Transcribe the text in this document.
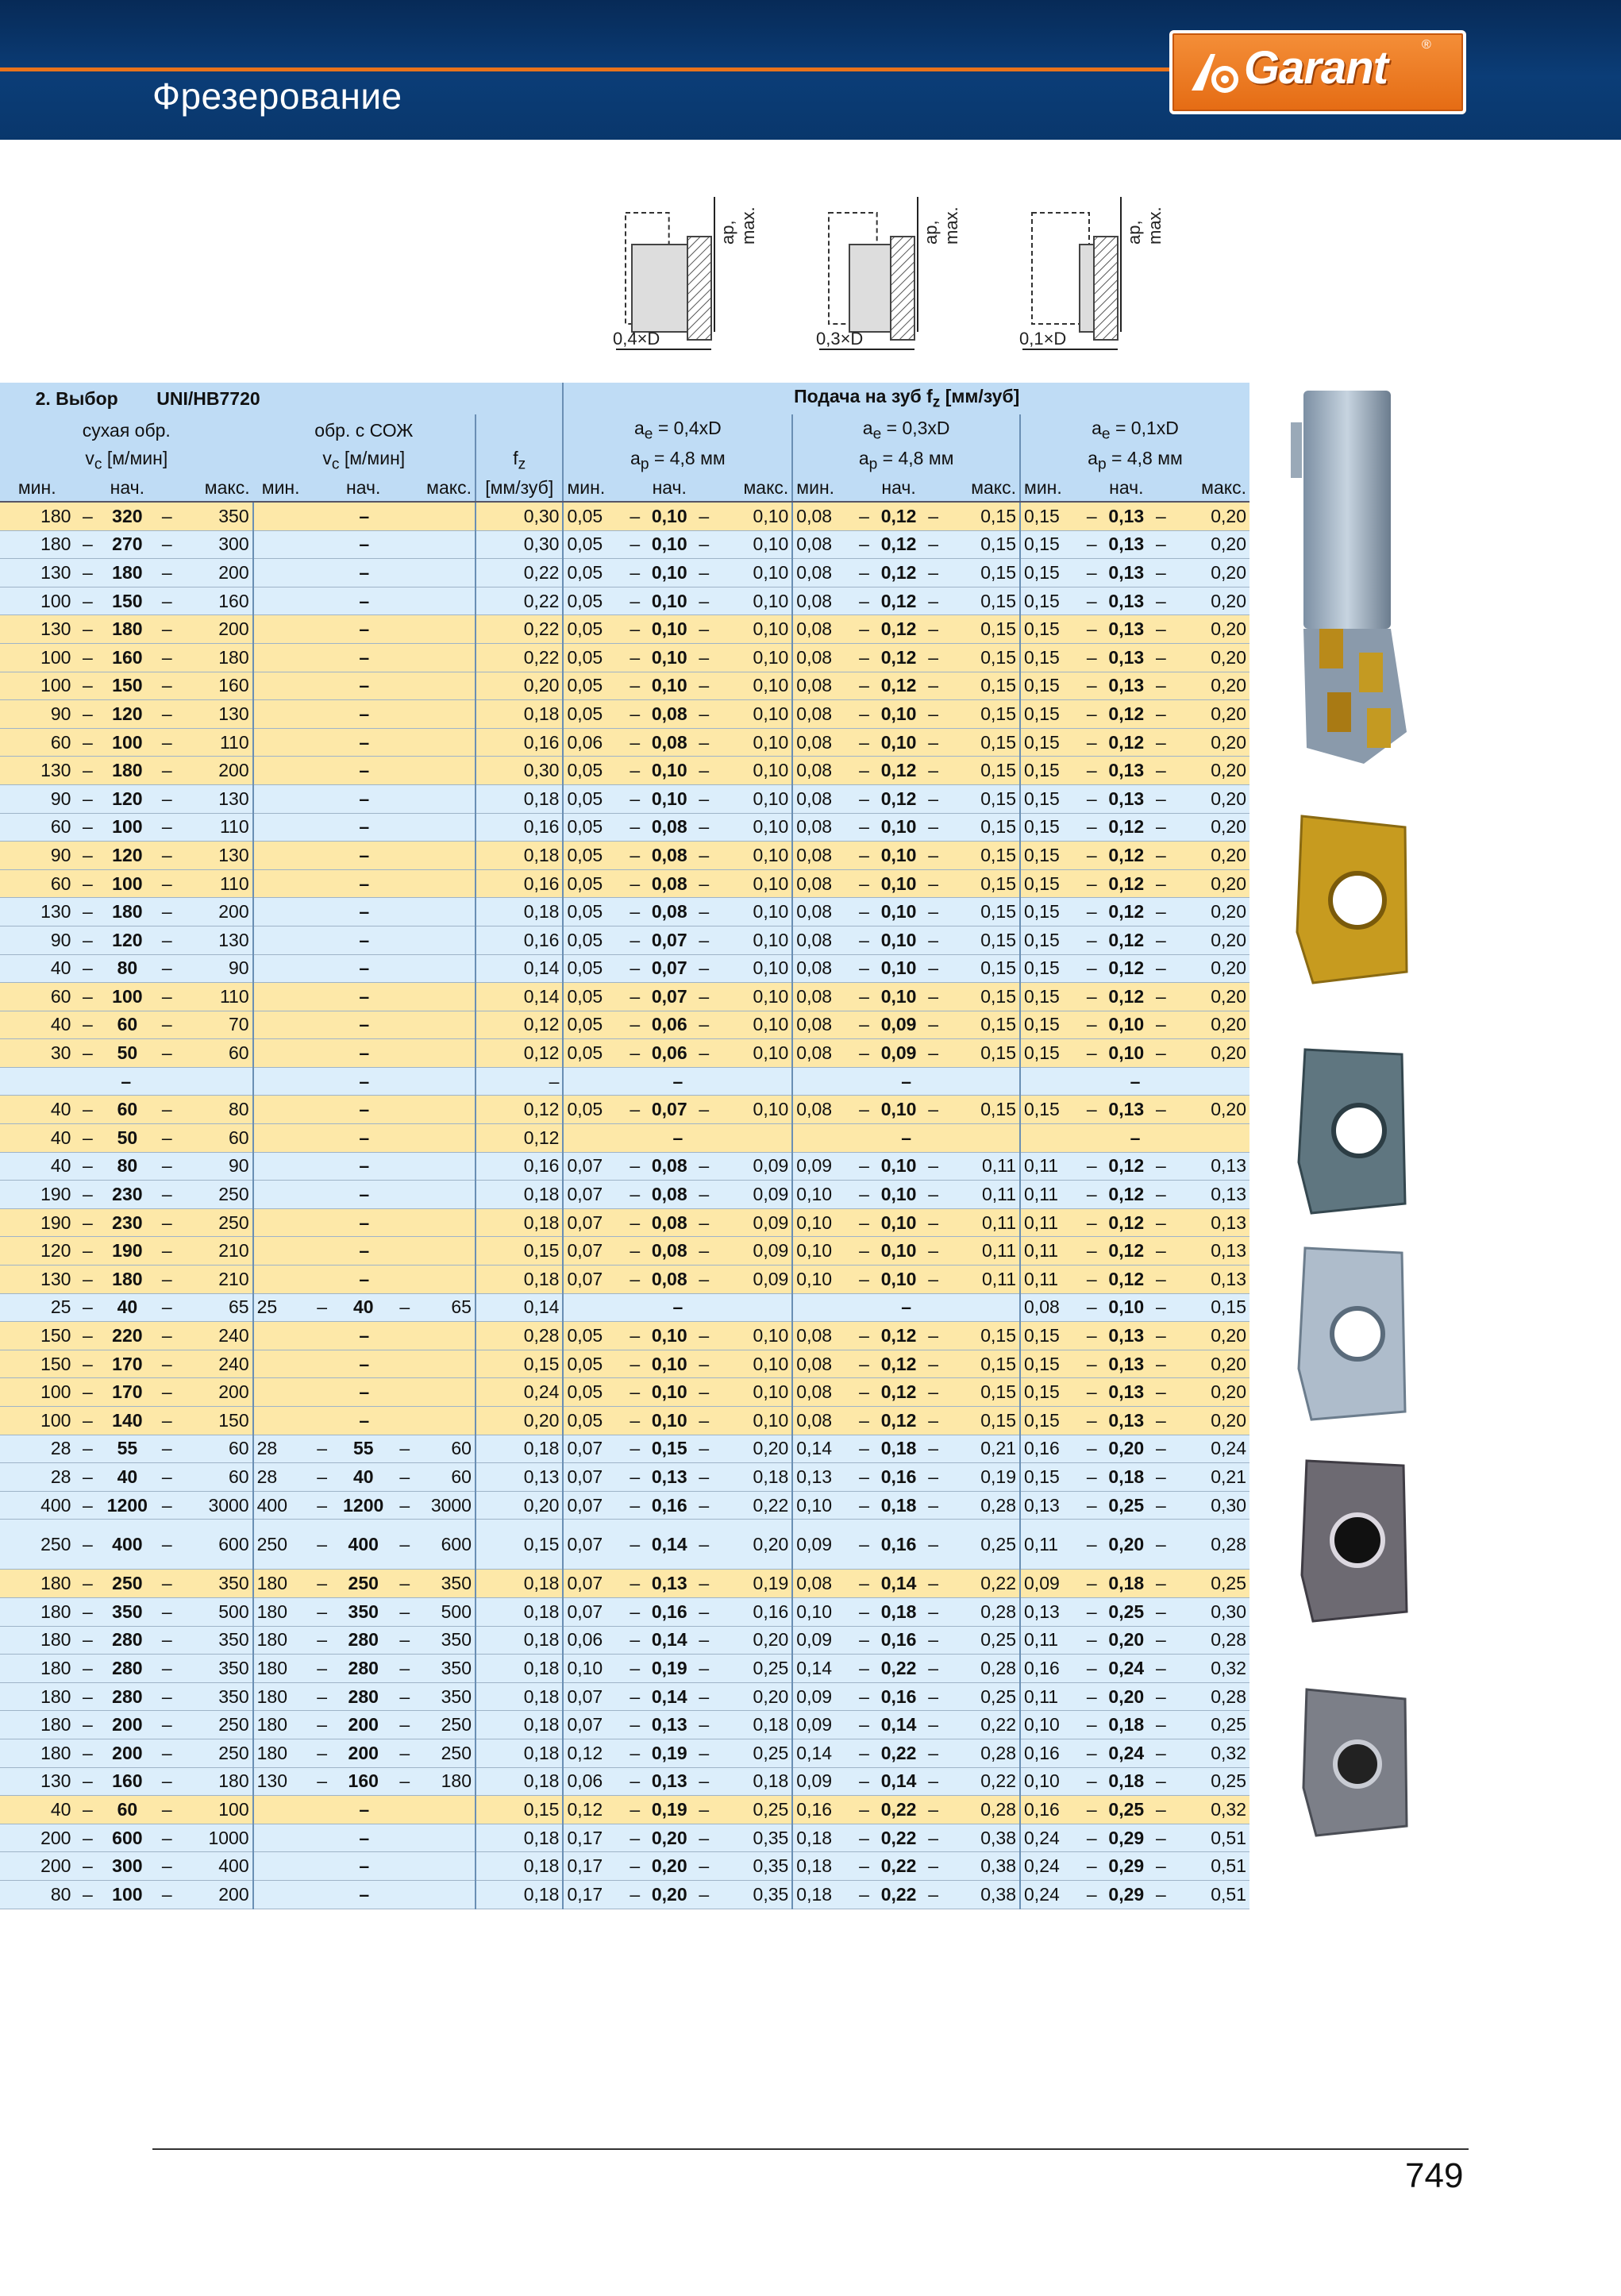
Фрезерование
Garant	®
ap, max.
0,4×D
ap, max.
0,3×D
ap, max.
0,1×D
2. Выбор			UNI/HB7720								Подача на зуб $f_z$ [мм/зуб]														
сухая обр.					обр. с СОЖ						$a_e = 0,4xD$					$a_e = 0,3xD$					$a_e = 0,1xD$				
$v_c$ [м/мин]					$v_c$ [м/мин]					$f_z$	$a_p = 4,8$ мм					$a_p = 4,8$ мм					$a_p = 4,8$ мм				
мин.		нач.		макс.	мин.		нач.		макс.	[мм/зуб]	мин.		нач.		макс.	мин.		нач.		макс.	мин.		нач.		макс.
180	–	320	–	350	–					0,30	0,05	–	0,10	–	0,10	0,08	–	0,12	–	0,15	0,15	–	0,13	–	0,20
180	–	270	–	300	–					0,30	0,05	–	0,10	–	0,10	0,08	–	0,12	–	0,15	0,15	–	0,13	–	0,20
130	–	180	–	200	–					0,22	0,05	–	0,10	–	0,10	0,08	–	0,12	–	0,15	0,15	–	0,13	–	0,20
100	–	150	–	160	–					0,22	0,05	–	0,10	–	0,10	0,08	–	0,12	–	0,15	0,15	–	0,13	–	0,20
130	–	180	–	200	–					0,22	0,05	–	0,10	–	0,10	0,08	–	0,12	–	0,15	0,15	–	0,13	–	0,20
100	–	160	–	180	–					0,22	0,05	–	0,10	–	0,10	0,08	–	0,12	–	0,15	0,15	–	0,13	–	0,20
100	–	150	–	160	–					0,20	0,05	–	0,10	–	0,10	0,08	–	0,12	–	0,15	0,15	–	0,13	–	0,20
90	–	120	–	130	–					0,18	0,05	–	0,08	–	0,10	0,08	–	0,10	–	0,15	0,15	–	0,12	–	0,20
60	–	100	–	110	–					0,16	0,06	–	0,08	–	0,10	0,08	–	0,10	–	0,15	0,15	–	0,12	–	0,20
130	–	180	–	200	–					0,30	0,05	–	0,10	–	0,10	0,08	–	0,12	–	0,15	0,15	–	0,13	–	0,20
90	–	120	–	130	–					0,18	0,05	–	0,10	–	0,10	0,08	–	0,12	–	0,15	0,15	–	0,13	–	0,20
60	–	100	–	110	–					0,16	0,05	–	0,08	–	0,10	0,08	–	0,10	–	0,15	0,15	–	0,12	–	0,20
90	–	120	–	130	–					0,18	0,05	–	0,08	–	0,10	0,08	–	0,10	–	0,15	0,15	–	0,12	–	0,20
60	–	100	–	110	–					0,16	0,05	–	0,08	–	0,10	0,08	–	0,10	–	0,15	0,15	–	0,12	–	0,20
130	–	180	–	200	–					0,18	0,05	–	0,08	–	0,10	0,08	–	0,10	–	0,15	0,15	–	0,12	–	0,20
90	–	120	–	130	–					0,16	0,05	–	0,07	–	0,10	0,08	–	0,10	–	0,15	0,15	–	0,12	–	0,20
40	–	80	–	90	–					0,14	0,05	–	0,07	–	0,10	0,08	–	0,10	–	0,15	0,15	–	0,12	–	0,20
60	–	100	–	110	–					0,14	0,05	–	0,07	–	0,10	0,08	–	0,10	–	0,15	0,15	–	0,12	–	0,20
40	–	60	–	70	–					0,12	0,05	–	0,06	–	0,10	0,08	–	0,09	–	0,15	0,15	–	0,10	–	0,20
30	–	50	–	60	–					0,12	0,05	–	0,06	–	0,10	0,08	–	0,09	–	0,15	0,15	–	0,10	–	0,20
–					–					–	–					–					–				
40	–	60	–	80	–					0,12	0,05	–	0,07	–	0,10	0,08	–	0,10	–	0,15	0,15	–	0,13	–	0,20
40	–	50	–	60	–					0,12	–					–					–				
40	–	80	–	90	–					0,16	0,07	–	0,08	–	0,09	0,09	–	0,10	–	0,11	0,11	–	0,12	–	0,13
190	–	230	–	250	–					0,18	0,07	–	0,08	–	0,09	0,10	–	0,10	–	0,11	0,11	–	0,12	–	0,13
190	–	230	–	250	–					0,18	0,07	–	0,08	–	0,09	0,10	–	0,10	–	0,11	0,11	–	0,12	–	0,13
120	–	190	–	210	–					0,15	0,07	–	0,08	–	0,09	0,10	–	0,10	–	0,11	0,11	–	0,12	–	0,13
130	–	180	–	210	–					0,18	0,07	–	0,08	–	0,09	0,10	–	0,10	–	0,11	0,11	–	0,12	–	0,13
25	–	40	–	65	25	–	40	–	65	0,14	–					–					0,08	–	0,10	–	0,15
150	–	220	–	240	–					0,28	0,05	–	0,10	–	0,10	0,08	–	0,12	–	0,15	0,15	–	0,13	–	0,20
150	–	170	–	240	–					0,15	0,05	–	0,10	–	0,10	0,08	–	0,12	–	0,15	0,15	–	0,13	–	0,20
100	–	170	–	200	–					0,24	0,05	–	0,10	–	0,10	0,08	–	0,12	–	0,15	0,15	–	0,13	–	0,20
100	–	140	–	150	–					0,20	0,05	–	0,10	–	0,10	0,08	–	0,12	–	0,15	0,15	–	0,13	–	0,20
28	–	55	–	60	28	–	55	–	60	0,18	0,07	–	0,15	–	0,20	0,14	–	0,18	–	0,21	0,16	–	0,20	–	0,24
28	–	40	–	60	28	–	40	–	60	0,13	0,07	–	0,13	–	0,18	0,13	–	0,16	–	0,19	0,15	–	0,18	–	0,21
400	–	1200	–	3000	400	–	1200	–	3000	0,20	0,07	–	0,16	–	0,22	0,10	–	0,18	–	0,28	0,13	–	0,25	–	0,30
250	–	400	–	600	250	–	400	–	600	0,15	0,07	–	0,14	–	0,20	0,09	–	0,16	–	0,25	0,11	–	0,20	–	0,28
180	–	250	–	350	180	–	250	–	350	0,18	0,07	–	0,13	–	0,19	0,08	–	0,14	–	0,22	0,09	–	0,18	–	0,25
180	–	350	–	500	180	–	350	–	500	0,18	0,07	–	0,16	–	0,16	0,10	–	0,18	–	0,28	0,13	–	0,25	–	0,30
180	–	280	–	350	180	–	280	–	350	0,18	0,06	–	0,14	–	0,20	0,09	–	0,16	–	0,25	0,11	–	0,20	–	0,28
180	–	280	–	350	180	–	280	–	350	0,18	0,10	–	0,19	–	0,25	0,14	–	0,22	–	0,28	0,16	–	0,24	–	0,32
180	–	280	–	350	180	–	280	–	350	0,18	0,07	–	0,14	–	0,20	0,09	–	0,16	–	0,25	0,11	–	0,20	–	0,28
180	–	200	–	250	180	–	200	–	250	0,18	0,07	–	0,13	–	0,18	0,09	–	0,14	–	0,22	0,10	–	0,18	–	0,25
180	–	200	–	250	180	–	200	–	250	0,18	0,12	–	0,19	–	0,25	0,14	–	0,22	–	0,28	0,16	–	0,24	–	0,32
130	–	160	–	180	130	–	160	–	180	0,18	0,06	–	0,13	–	0,18	0,09	–	0,14	–	0,22	0,10	–	0,18	–	0,25
40	–	60	–	100	–					0,15	0,12	–	0,19	–	0,25	0,16	–	0,22	–	0,28	0,16	–	0,25	–	0,32
200	–	600	–	1000	–					0,18	0,17	–	0,20	–	0,35	0,18	–	0,22	–	0,38	0,24	–	0,29	–	0,51
200	–	300	–	400	–					0,18	0,17	–	0,20	–	0,35	0,18	–	0,22	–	0,38	0,24	–	0,29	–	0,51
80	–	100	–	200	–					0,18	0,17	–	0,20	–	0,35	0,18	–	0,22	–	0,38	0,24	–	0,29	–	0,51
749
